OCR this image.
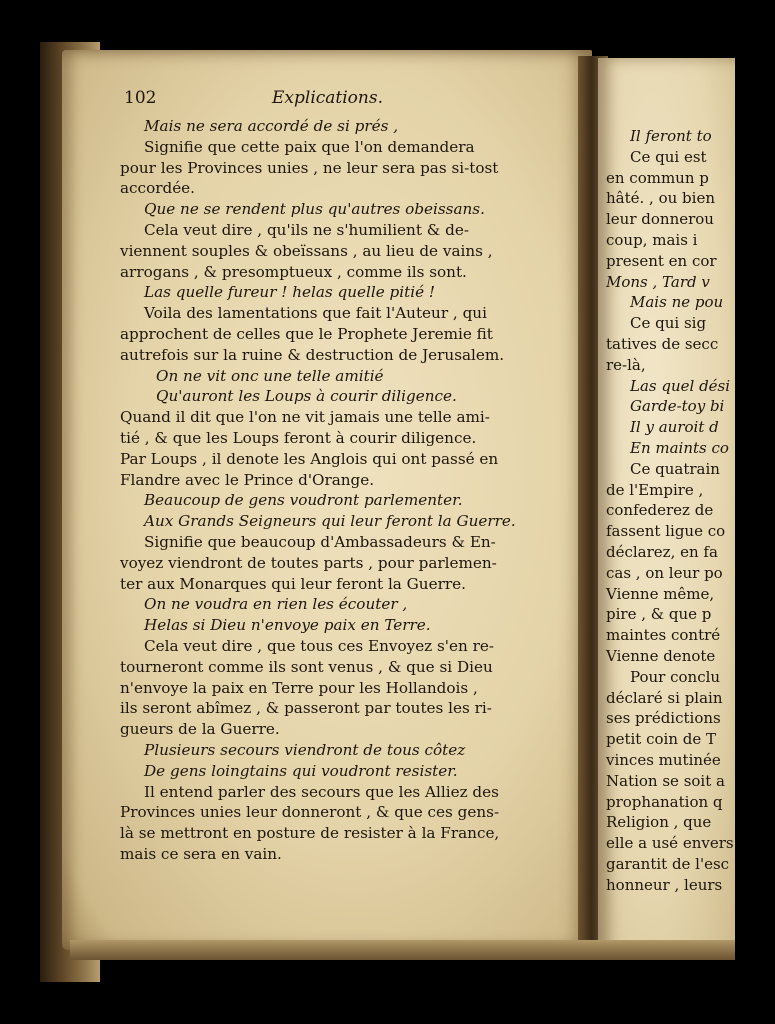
Il feront to
Ce qui est
en commun p
hâté. , ou bien
leur donnerou
coup, mais i
present en cor
Mons , Tard v
Mais ne pou
Ce qui sig
tatives de secc
re-là,
Las quel dési
Garde-toy bi
Il y auroit d
En maints co
Ce quatrain
de l'Empire ,
confederez de
fassent ligue co
déclarez, en fa
cas , on leur po
Vienne même,
pire , & que p
maintes contré
Vienne denote
Pour conclu
déclaré si plain
ses prédictions
petit coin de T
vinces mutinée
Nation se soit a
prophanation q
Religion , que
elle a usé envers
garantit de l'esc
honneur , leurs
102	Explications.
Mais ne sera accordé de si prés ,
Signifie que cette paix que l'on demandera
pour les Provinces unies , ne leur sera pas si-tost
accordée.
Que ne se rendent plus qu'autres obeissans.
Cela veut dire , qu'ils ne s'humilient & de-
viennent souples & obeïssans , au lieu de vains ,
arrogans , & presomptueux , comme ils sont.
Las quelle fureur ! helas quelle pitié !
Voila des lamentations que fait l'Auteur , qui
approchent de celles que le Prophete Jeremie fit
autrefois sur la ruine & destruction de Jerusalem.
On ne vit onc une telle amitié
Qu'auront les Loups à courir diligence.
Quand il dit que l'on ne vit jamais une telle ami-
tié , & que les Loups feront à courir diligence.
Par Loups , il denote les Anglois qui ont passé en
Flandre avec le Prince d'Orange.
Beaucoup de gens voudront parlementer.
Aux Grands Seigneurs qui leur feront la Guerre.
Signifie que beaucoup d'Ambassadeurs & En-
voyez viendront de toutes parts , pour parlemen-
ter aux Monarques qui leur feront la Guerre.
On ne voudra en rien les écouter ,
Helas si Dieu n'envoye paix en Terre.
Cela veut dire , que tous ces Envoyez s'en re-
tourneront comme ils sont venus , & que si Dieu
n'envoye la paix en Terre pour les Hollandois ,
ils seront abîmez , & passeront par toutes les ri-
gueurs de la Guerre.
Plusieurs secours viendront de tous côtez
De gens loingtains qui voudront resister.
Il entend parler des secours que les Alliez des
Provinces unies leur donneront , & que ces gens-
là se mettront en posture de resister à la France,
mais ce sera en vain.
